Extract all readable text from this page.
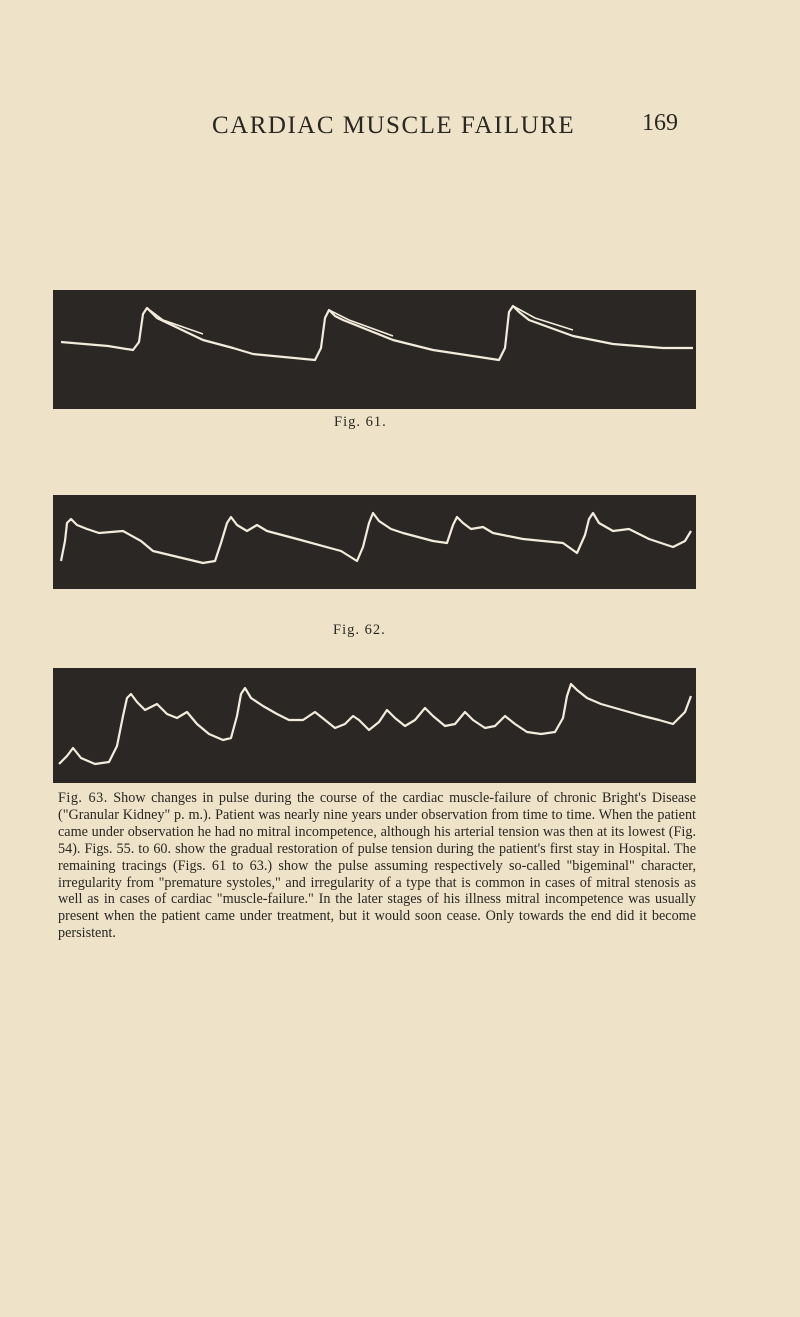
CARDIAC MUSCLE FAILURE	169
Fig. 61.
Fig. 62.

Fig. 63. Show changes in pulse during the course of the cardiac muscle-failure of chronic Bright's Disease ("Granular Kidney" p. m.). Patient was nearly nine years under observation from time to time. When the patient came under observation he had no mitral incompetence, although his arterial tension was then at its lowest (Fig. 54). Figs. 55. to 60. show the gradual restoration of pulse tension during the patient's first stay in Hospital. The remaining tracings (Figs. 61 to 63.) show the pulse assuming respectively so-called "bigeminal" character, irregularity from "premature systoles," and irregularity of a type that is common in cases of mitral stenosis as well as in cases of cardiac "muscle-failure." In the later stages of his illness mitral incompetence was usually present when the patient came under treatment, but it would soon cease. Only towards the end did it become persistent.
